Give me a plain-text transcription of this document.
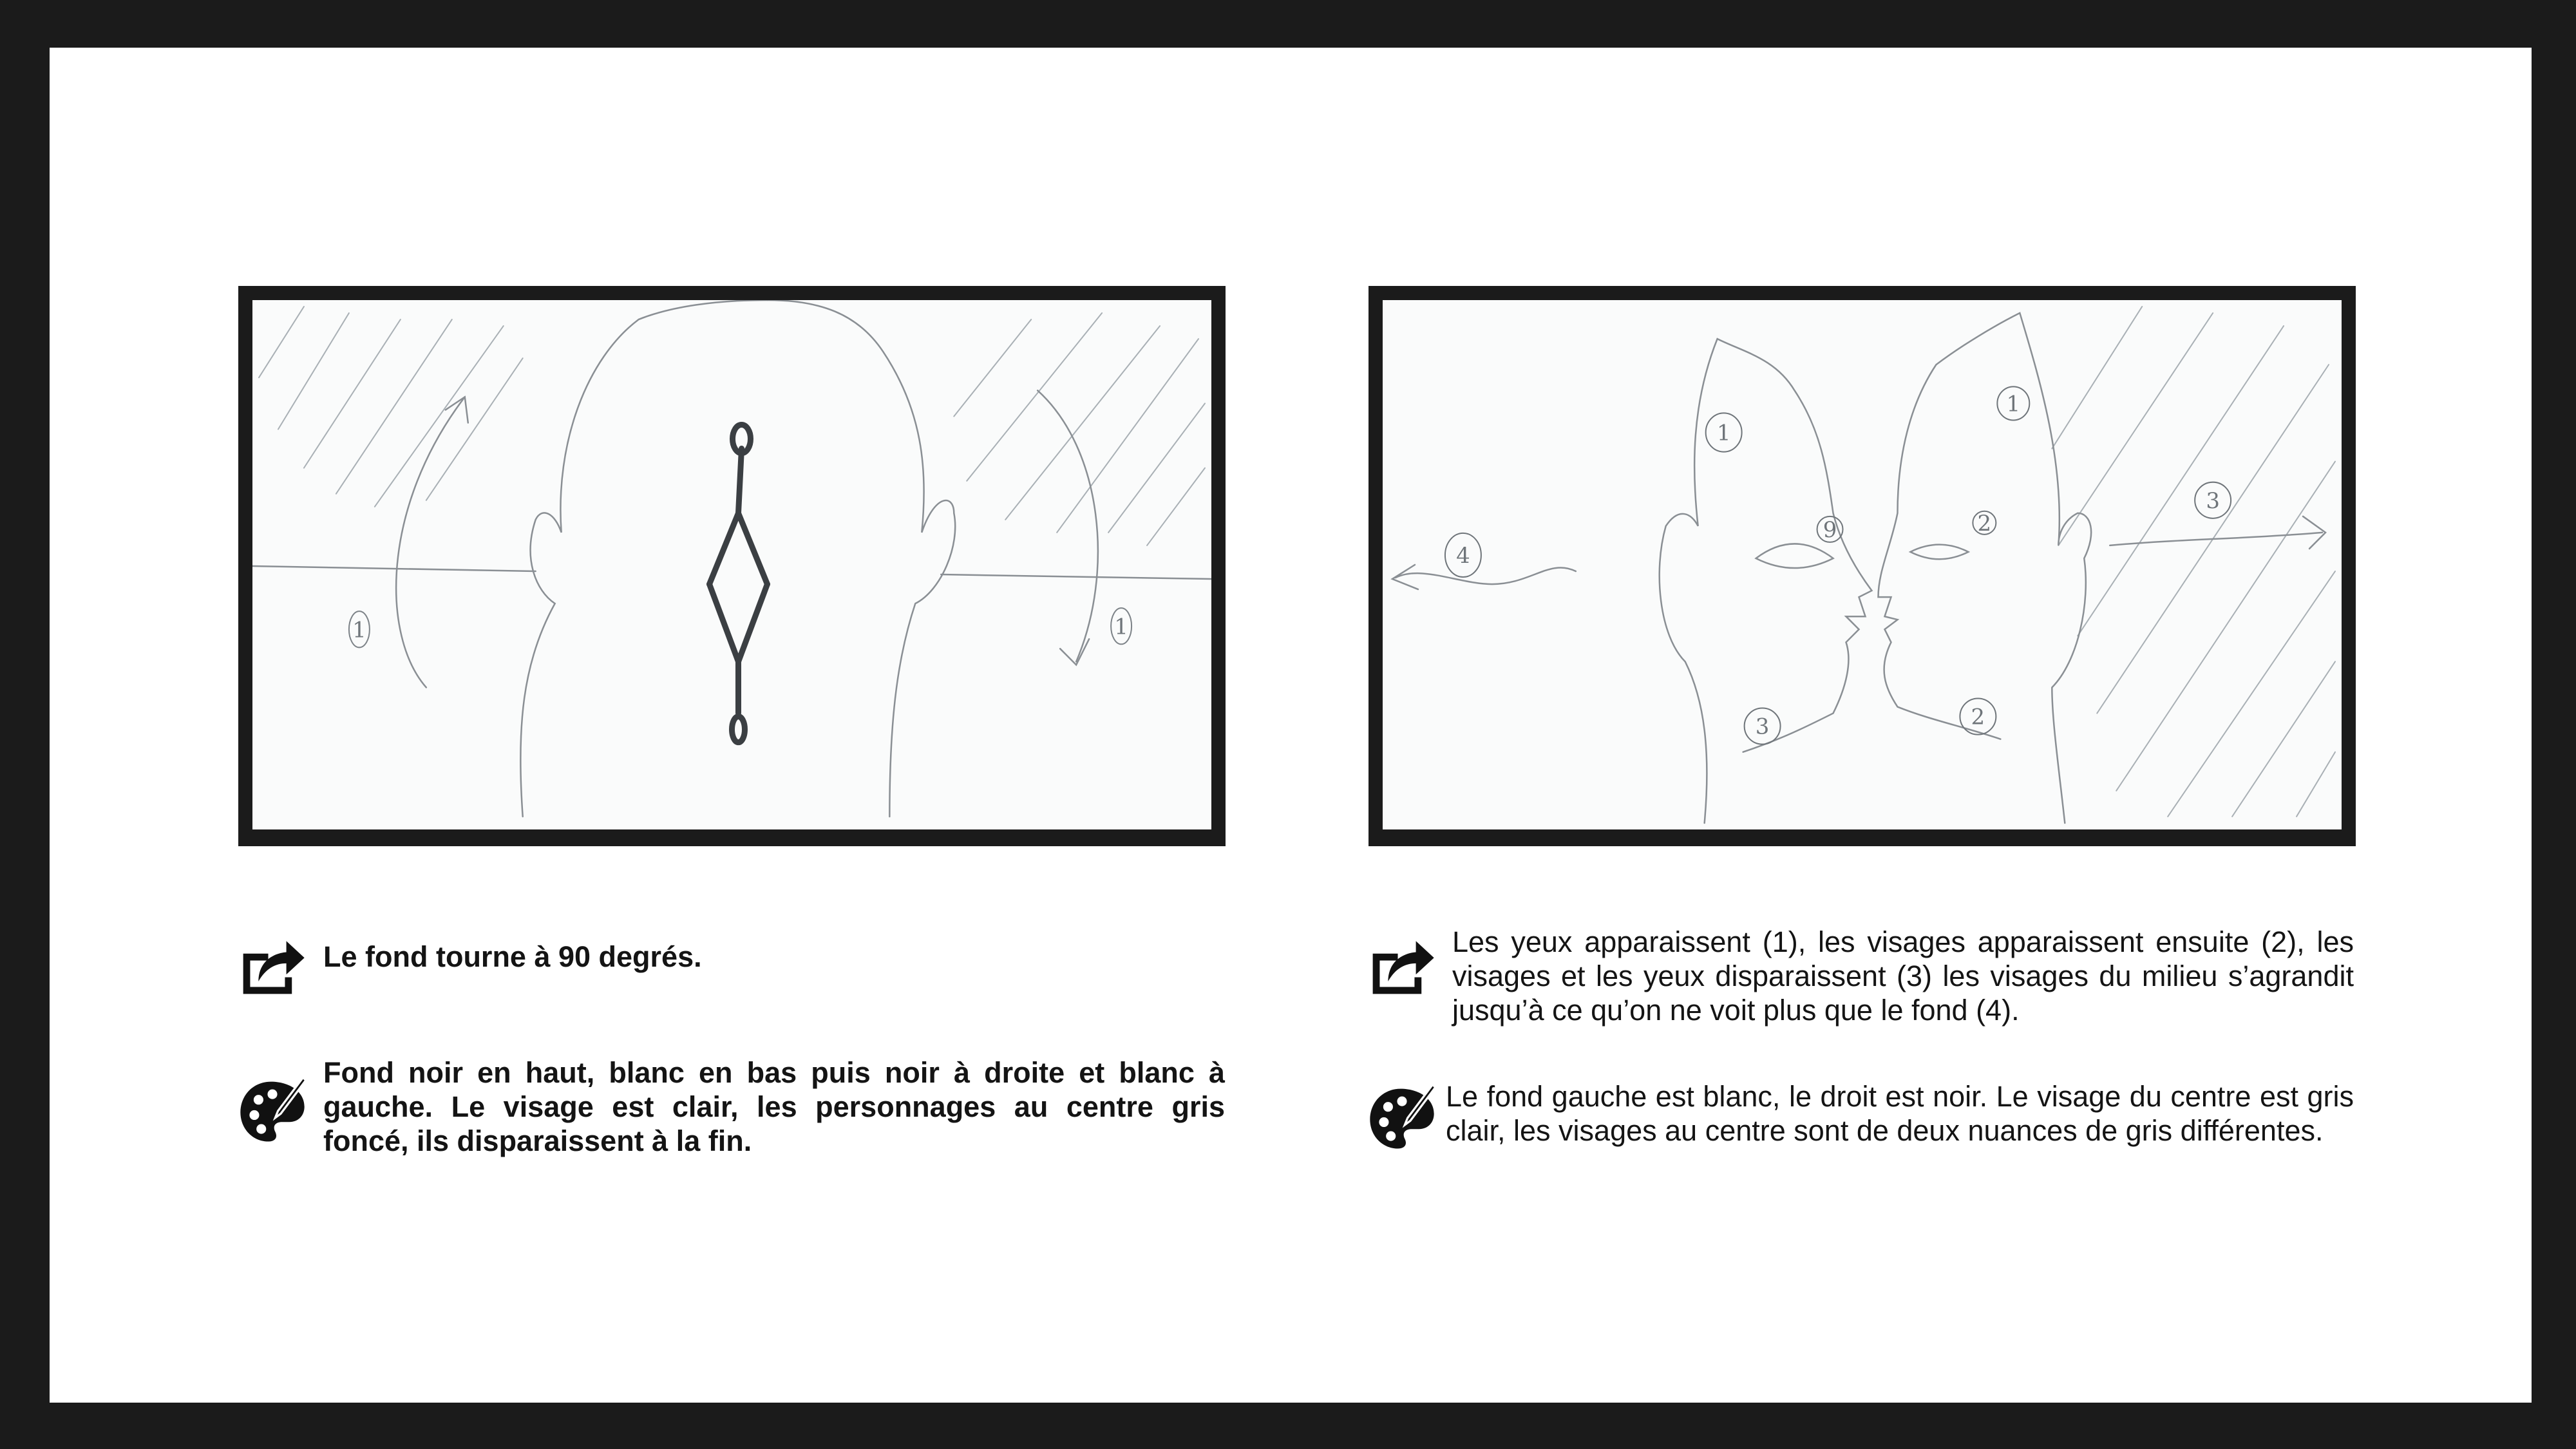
1	1
4
3
1
9
3
1
2
2
Le fond tourne à 90 degrés.
Fond noir en haut, blanc en bas puis noir à droite et blanc à gauche. Le visage est clair, les personnages au centre gris foncé, ils disparaissent à la fin.
Les yeux apparaissent (1), les visages apparaissent ensuite (2), les visages et les yeux disparaissent (3) les visages du milieu s’agrandit jusqu’à ce qu’on ne voit plus que le fond (4).
Le fond gauche est blanc, le droit est noir. Le visage du centre est gris clair, les visages au centre sont de deux nuances de gris différentes.
